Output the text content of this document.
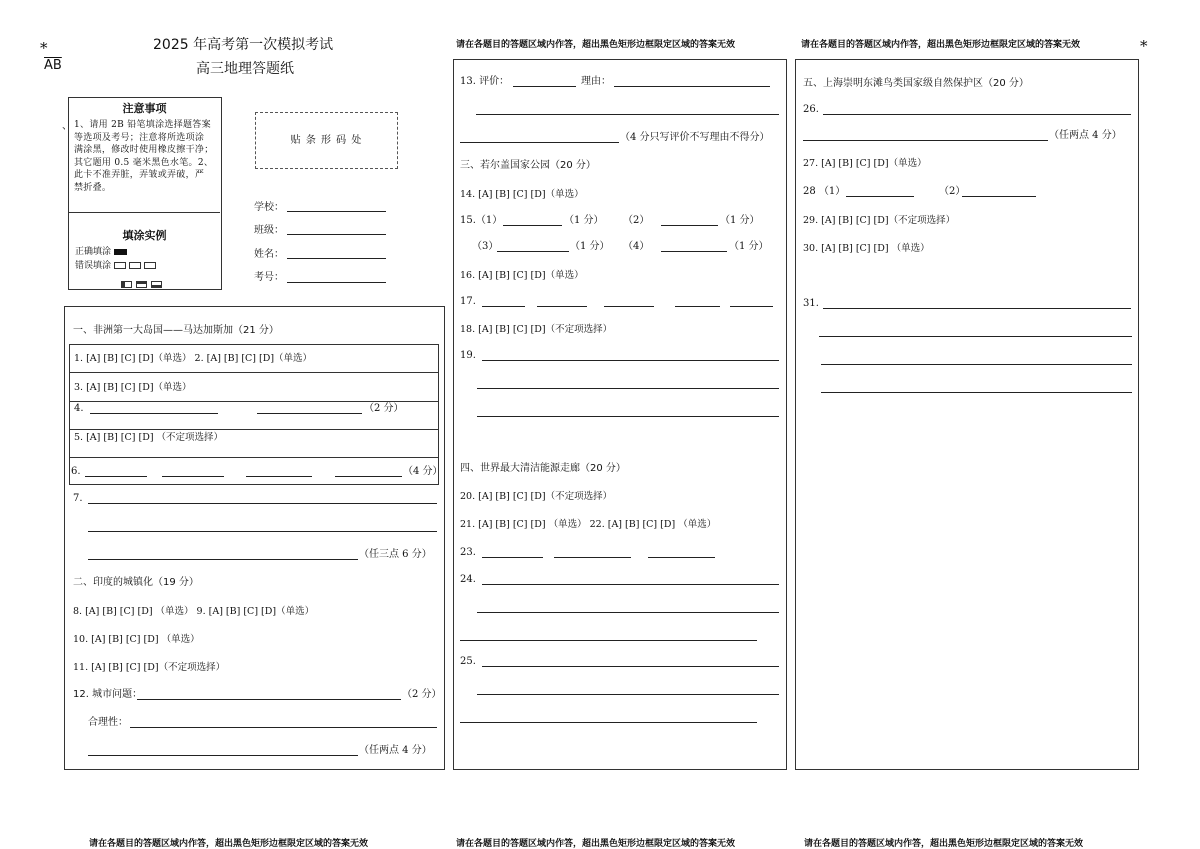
*
$\overline{AB}$
2025 年高考第一次模拟考试
高三地理答题纸
*
请在各题目的答题区域内作答，超出黑色矩形边框限定区域的答案无效	请在各题目的答题区域内作答，超出黑色矩形边框限定区域的答案无效
注意事项
1、请用 2B 铅笔填涂选择题答案
等选项及考号；注意将所选项涂
满涂黑，修改时使用橡皮擦干净；
其它题用 0.5 毫米黑色水笔。2、
此卡不准弄脏，弄皱或弄破，严
禁折叠。
填涂实例
正确填涂
错误填涂
、
贴 条 形 码 处
学校：
班级：
姓名：
考号：
一、非洲第一大岛国——马达加斯加（21 分）
1. [A] [B] [C] [D]（单选） 2. [A] [B] [C] [D]（单选）
3. [A] [B] [C] [D]（单选）
4.	（2 分）
5. [A] [B] [C] [D] （不定项选择）
6.	（4 分）
7.
（任三点 6 分）
二、印度的城镇化（19 分）
8. [A] [B] [C] [D] （单选） 9. [A] [B] [C] [D]（单选）
10. [A] [B] [C] [D] （单选）
11. [A] [B] [C] [D]（不定项选择）
12. 城市问题：	（2 分）
合理性：
（任两点 4 分）
13. 评价：	理由：
（4 分只写评价不写理由不得分）
三、若尔盖国家公园（20 分）
14. [A] [B] [C] [D]（单选）
15.（1）	（1 分） （2）	（1 分）
（3）	（1 分） （4）	（1 分）
16. [A] [B] [C] [D]（单选）
17.
18. [A] [B] [C] [D]（不定项选择）
19.
四、世界最大清洁能源走廊（20 分）
20. [A] [B] [C] [D]（不定项选择）
21. [A] [B] [C] [D] （单选） 22. [A] [B] [C] [D] （单选）
23.
24.
25.
五、上海崇明东滩鸟类国家级自然保护区（20 分）
26.
（任两点 4 分）
27. [A] [B] [C] [D]（单选）
28 （1）	（2）
29. [A] [B] [C] [D]（不定项选择）
30. [A] [B] [C] [D] （单选）
31.
请在各题目的答题区域内作答，超出黑色矩形边框限定区域的答案无效	请在各题目的答题区域内作答，超出黑色矩形边框限定区域的答案无效	请在各题目的答题区域内作答，超出黑色矩形边框限定区域的答案无效
